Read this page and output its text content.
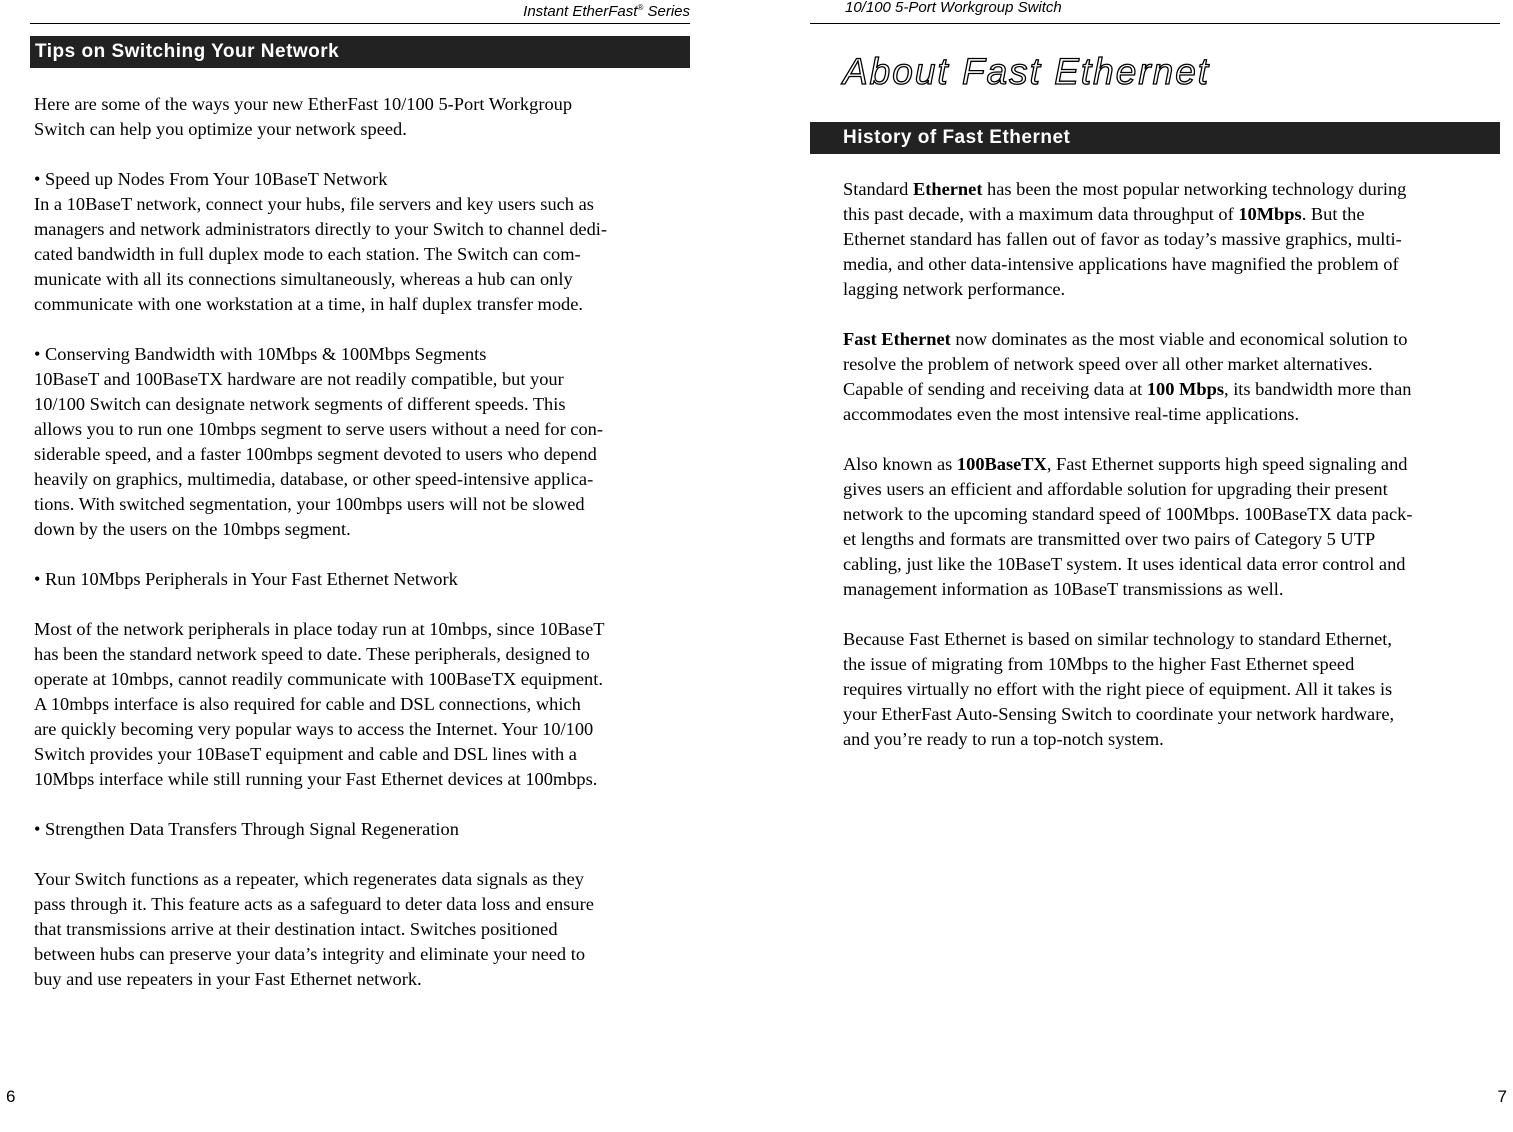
Instant EtherFast® Series
Tips on Switching Your Network
Here are some of the ways your new EtherFast 10/100 5-Port Workgroup
Switch can help you optimize your network speed.
• Speed up Nodes From Your 10BaseT Network
In a 10BaseT network, connect your hubs, file servers and key users such as
managers and network administrators directly to your Switch to channel dedi-
cated bandwidth in full duplex mode to each station. The Switch can com-
municate with all its connections simultaneously, whereas a hub can only
communicate with one workstation at a time, in half duplex transfer mode.
• Conserving Bandwidth with 10Mbps & 100Mbps Segments
10BaseT and 100BaseTX hardware are not readily compatible, but your
10/100 Switch can designate network segments of different speeds. This
allows you to run one 10mbps segment to serve users without a need for con-
siderable speed, and a faster 100mbps segment devoted to users who depend
heavily on graphics, multimedia, database, or other speed-intensive applica-
tions. With switched segmentation, your 100mbps users will not be slowed
down by the users on the 10mbps segment.
• Run 10Mbps Peripherals in Your Fast Ethernet Network
Most of the network peripherals in place today run at 10mbps, since 10BaseT
has been the standard network speed to date. These peripherals, designed to
operate at 10mbps, cannot readily communicate with 100BaseTX equipment.
A 10mbps interface is also required for cable and DSL connections, which
are quickly becoming very popular ways to access the Internet. Your 10/100
Switch provides your 10BaseT equipment and cable and DSL lines with a
10Mbps interface while still running your Fast Ethernet devices at 100mbps.
• Strengthen Data Transfers Through Signal Regeneration
Your Switch functions as a repeater, which regenerates data signals as they
pass through it. This feature acts as a safeguard to deter data loss and ensure
that transmissions arrive at their destination intact. Switches positioned
between hubs can preserve your data’s integrity and eliminate your need to
buy and use repeaters in your Fast Ethernet network.
6
10/100 5-Port Workgroup Switch
About Fast Ethernet
History of Fast Ethernet
Standard Ethernet has been the most popular networking technology during
this past decade, with a maximum data throughput of 10Mbps. But the
Ethernet standard has fallen out of favor as today’s massive graphics, multi-
media, and other data-intensive applications have magnified the problem of
lagging network performance.
Fast Ethernet now dominates as the most viable and economical solution to
resolve the problem of network speed over all other market alternatives.
Capable of sending and receiving data at 100 Mbps, its bandwidth more than
accommodates even the most intensive real-time applications.
Also known as 100BaseTX, Fast Ethernet supports high speed signaling and
gives users an efficient and affordable solution for upgrading their present
network to the upcoming standard speed of 100Mbps. 100BaseTX data pack-
et lengths and formats are transmitted over two pairs of Category 5 UTP
cabling, just like the 10BaseT system. It uses identical data error control and
management information as 10BaseT transmissions as well.
Because Fast Ethernet is based on similar technology to standard Ethernet,
the issue of migrating from 10Mbps to the higher Fast Ethernet speed
requires virtually no effort with the right piece of equipment. All it takes is
your EtherFast Auto-Sensing Switch to coordinate your network hardware,
and you’re ready to run a top-notch system.
7
